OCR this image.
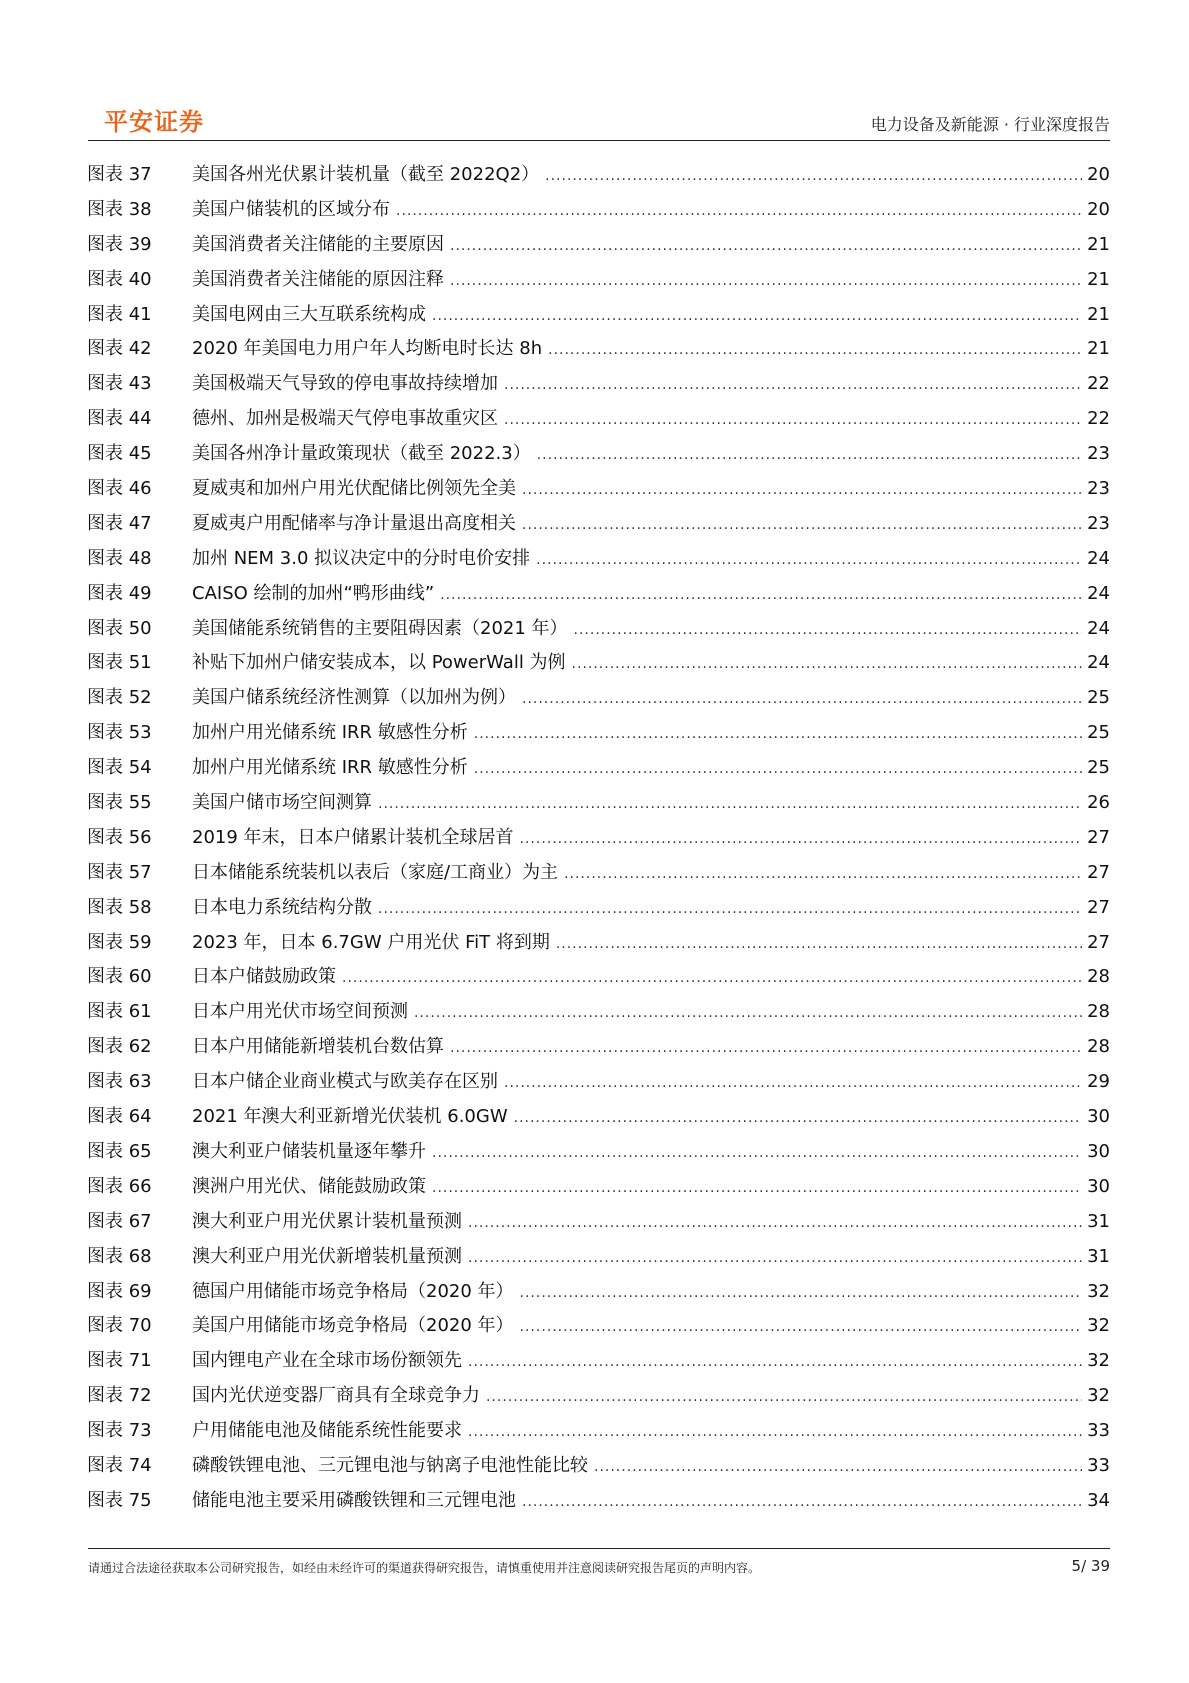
平安证券	电力设备及新能源 · 行业深度报告
图表 37	美国各州光伏累计装机量（截至 2022Q2） .....	20
图表 38	美国户储装机的区域分布 .....	20
图表 39	美国消费者关注储能的主要原因 .....	21
图表 40	美国消费者关注储能的原因注释 .....	21
图表 41	美国电网由三大互联系统构成 .....	21
图表 42	2020 年美国电力用户年人均断电时长达 8h .....	21
图表 43	美国极端天气导致的停电事故持续增加 .....	22
图表 44	德州、加州是极端天气停电事故重灾区 .....	22
图表 45	美国各州净计量政策现状（截至 2022.3） .....	23
图表 46	夏威夷和加州户用光伏配储比例领先全美 .....	23
图表 47	夏威夷户用配储率与净计量退出高度相关 .....	23
图表 48	加州 NEM 3.0 拟议决定中的分时电价安排 .....	24
图表 49	CAISO 绘制的加州“鸭形曲线” .....	24
图表 50	美国储能系统销售的主要阻碍因素（2021 年） .....	24
图表 51	补贴下加州户储安装成本，以 PowerWall 为例 .....	24
图表 52	美国户储系统经济性测算（以加州为例） .....	25
图表 53	加州户用光储系统 IRR 敏感性分析 .....	25
图表 54	加州户用光储系统 IRR 敏感性分析 .....	25
图表 55	美国户储市场空间测算 .....	26
图表 56	2019 年末，日本户储累计装机全球居首 .....	27
图表 57	日本储能系统装机以表后（家庭/工商业）为主 .....	27
图表 58	日本电力系统结构分散 .....	27
图表 59	2023 年，日本 6.7GW 户用光伏 FiT 将到期 .....	27
图表 60	日本户储鼓励政策 .....	28
图表 61	日本户用光伏市场空间预测 .....	28
图表 62	日本户用储能新增装机台数估算 .....	28
图表 63	日本户储企业商业模式与欧美存在区别 .....	29
图表 64	2021 年澳大利亚新增光伏装机 6.0GW .....	30
图表 65	澳大利亚户储装机量逐年攀升 .....	30
图表 66	澳洲户用光伏、储能鼓励政策 .....	30
图表 67	澳大利亚户用光伏累计装机量预测 .....	31
图表 68	澳大利亚户用光伏新增装机量预测 .....	31
图表 69	德国户用储能市场竞争格局（2020 年） .....	32
图表 70	美国户用储能市场竞争格局（2020 年） .....	32
图表 71	国内锂电产业在全球市场份额领先 .....	32
图表 72	国内光伏逆变器厂商具有全球竞争力 .....	32
图表 73	户用储能电池及储能系统性能要求 .....	33
图表 74	磷酸铁锂电池、三元锂电池与钠离子电池性能比较 .....	33
图表 75	储能电池主要采用磷酸铁锂和三元锂电池 .....	34
请通过合法途径获取本公司研究报告，如经由未经许可的渠道获得研究报告，请慎重使用并注意阅读研究报告尾页的声明内容。	5/ 39
